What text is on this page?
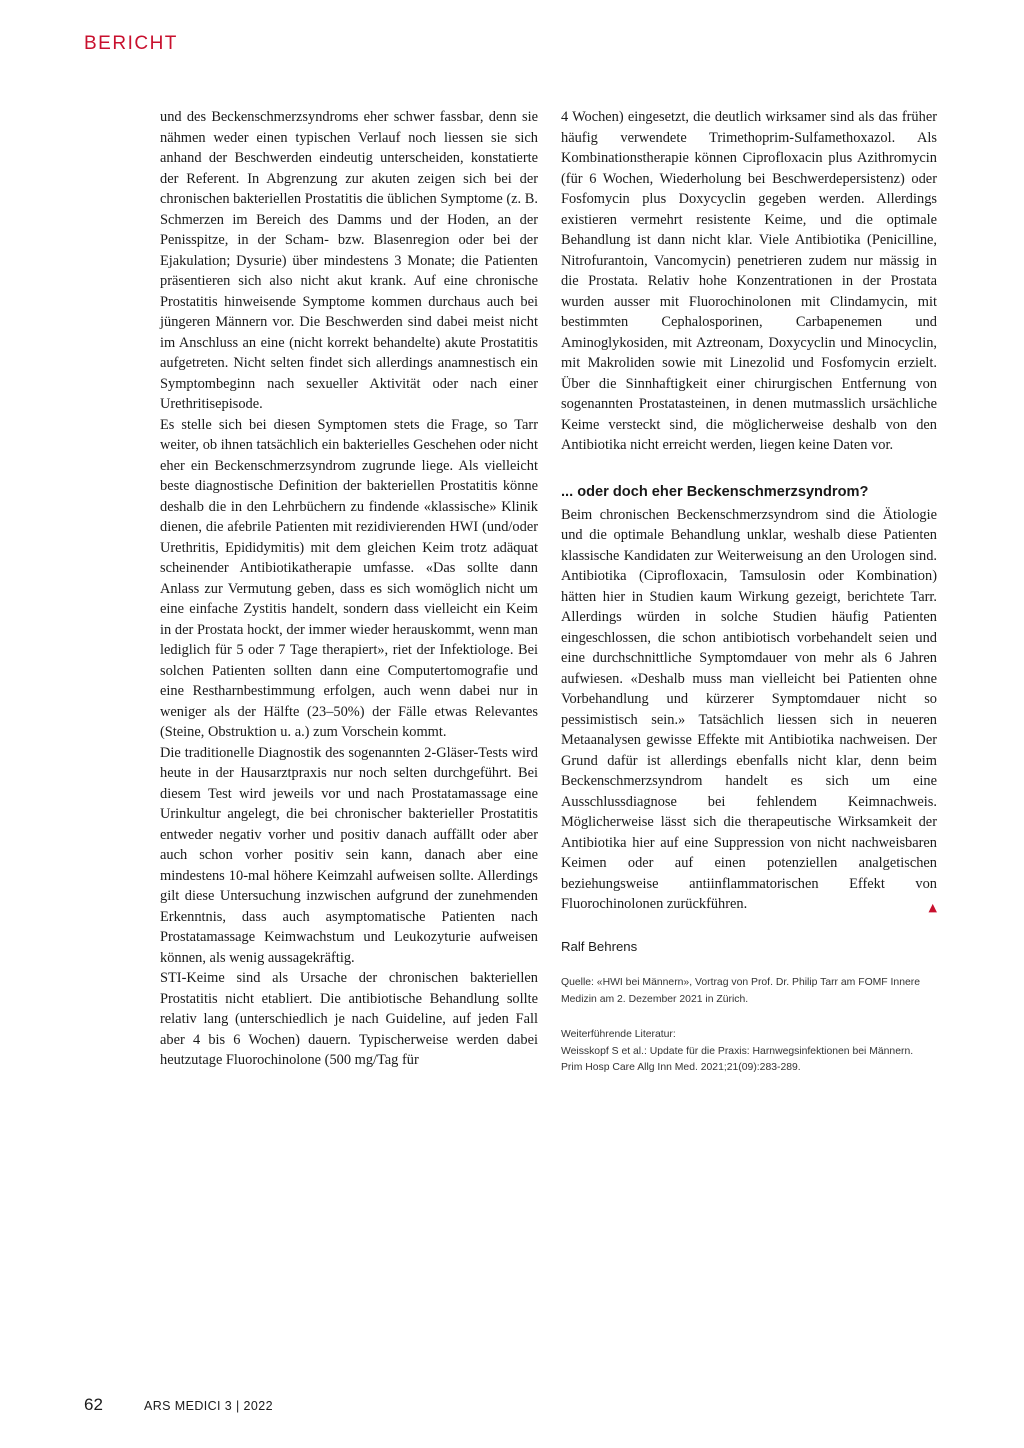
BERICHT

und des Beckenschmerzsyndroms eher schwer fassbar, denn sie nähmen weder einen typischen Verlauf noch liessen sie sich anhand der Beschwerden eindeutig unterscheiden, konstatierte der Referent. In Abgrenzung zur akuten zeigen sich bei der chronischen bakteriellen Prostatitis die üblichen Symptome (z. B. Schmerzen im Bereich des Damms und der Hoden, an der Penisspitze, in der Scham- bzw. Blasenregion oder bei der Ejakulation; Dysurie) über mindestens 3 Monate; die Patienten präsentieren sich also nicht akut krank. Auf eine chronische Prostatitis hinweisende Symptome kommen durchaus auch bei jüngeren Männern vor. Die Beschwerden sind dabei meist nicht im Anschluss an eine (nicht korrekt behandelte) akute Prostatitis aufgetreten. Nicht selten findet sich allerdings anamnestisch ein Symptombeginn nach sexueller Aktivität oder nach einer Urethritisepisode.

Es stelle sich bei diesen Symptomen stets die Frage, so Tarr weiter, ob ihnen tatsächlich ein bakterielles Geschehen oder nicht eher ein Beckenschmerzsyndrom zugrunde liege. Als vielleicht beste diagnostische Definition der bakteriellen Prostatitis könne deshalb die in den Lehrbüchern zu findende «klassische» Klinik dienen, die afebrile Patienten mit rezidivierenden HWI (und/oder Urethritis, Epididymitis) mit dem gleichen Keim trotz adäquat scheinender Antibiotikatherapie umfasse. «Das sollte dann Anlass zur Vermutung geben, dass es sich womöglich nicht um eine einfache Zystitis handelt, sondern dass vielleicht ein Keim in der Prostata hockt, der immer wieder herauskommt, wenn man lediglich für 5 oder 7 Tage therapiert», riet der Infektiologe. Bei solchen Patienten sollten dann eine Computertomografie und eine Restharnbestimmung erfolgen, auch wenn dabei nur in weniger als der Hälfte (23–50%) der Fälle etwas Relevantes (Steine, Obstruktion u. a.) zum Vorschein kommt.

Die traditionelle Diagnostik des sogenannten 2-Gläser-Tests wird heute in der Hausarztpraxis nur noch selten durchgeführt. Bei diesem Test wird jeweils vor und nach Prostatamassage eine Urinkultur angelegt, die bei chronischer bakterieller Prostatitis entweder negativ vorher und positiv danach auffällt oder aber auch schon vorher positiv sein kann, danach aber eine mindestens 10-mal höhere Keimzahl aufweisen sollte. Allerdings gilt diese Untersuchung inzwischen aufgrund der zunehmenden Erkenntnis, dass auch asymptomatische Patienten nach Prostatamassage Keimwachstum und Leukozyturie aufweisen können, als wenig aussagekräftig.

STI-Keime sind als Ursache der chronischen bakteriellen Prostatitis nicht etabliert. Die antibiotische Behandlung sollte relativ lang (unterschiedlich je nach Guideline, auf jeden Fall aber 4 bis 6 Wochen) dauern. Typischerweise werden dabei heutzutage Fluorochinolone (500 mg/Tag für

4 Wochen) eingesetzt, die deutlich wirksamer sind als das früher häufig verwendete Trimethoprim-Sulfamethoxazol. Als Kombinationstherapie können Ciprofloxacin plus Azithromycin (für 6 Wochen, Wiederholung bei Beschwerdepersistenz) oder Fosfomycin plus Doxycyclin gegeben werden. Allerdings existieren vermehrt resistente Keime, und die optimale Behandlung ist dann nicht klar. Viele Antibiotika (Penicilline, Nitrofurantoin, Vancomycin) penetrieren zudem nur mässig in die Prostata. Relativ hohe Konzentrationen in der Prostata wurden ausser mit Fluorochinolonen mit Clindamycin, mit bestimmten Cephalosporinen, Carbapenemen und Aminoglykosiden, mit Aztreonam, Doxycyclin und Minocyclin, mit Makroliden sowie mit Linezolid und Fosfomycin erzielt. Über die Sinnhaftigkeit einer chirurgischen Entfernung von sogenannten Prostatasteinen, in denen mutmasslich ursächliche Keime versteckt sind, die möglicherweise deshalb von den Antibiotika nicht erreicht werden, liegen keine Daten vor.

... oder doch eher Beckenschmerzsyndrom?

Beim chronischen Beckenschmerzsyndrom sind die Ätiologie und die optimale Behandlung unklar, weshalb diese Patienten klassische Kandidaten zur Weiterweisung an den Urologen sind. Antibiotika (Ciprofloxacin, Tamsulosin oder Kombination) hätten hier in Studien kaum Wirkung gezeigt, berichtete Tarr. Allerdings würden in solche Studien häufig Patienten eingeschlossen, die schon antibiotisch vorbehandelt seien und eine durchschnittliche Symptomdauer von mehr als 6 Jahren aufwiesen. «Deshalb muss man vielleicht bei Patienten ohne Vorbehandlung und kürzerer Symptomdauer nicht so pessimistisch sein.» Tatsächlich liessen sich in neueren Metaanalysen gewisse Effekte mit Antibiotika nachweisen. Der Grund dafür ist allerdings ebenfalls nicht klar, denn beim Beckenschmerzsyndrom handelt es sich um eine Ausschlussdiagnose bei fehlendem Keimnachweis. Möglicherweise lässt sich die therapeutische Wirksamkeit der Antibiotika hier auf eine Suppression von nicht nachweisbaren Keimen oder auf einen potenziellen analgetischen beziehungsweise antiinflammatorischen Effekt von Fluorochinolonen zurückführen.	▲

Ralf Behrens
Quelle: «HWI bei Männern», Vortrag von Prof. Dr. Philip Tarr am FOMF Innere Medizin am 2. Dezember 2021 in Zürich.
Weiterführende Literatur:
Weisskopf S et al.: Update für die Praxis: Harnwegsinfektionen bei Männern. Prim Hosp Care Allg Inn Med. 2021;21(09):283-289.
62	ARS MEDICI 3 | 2022
